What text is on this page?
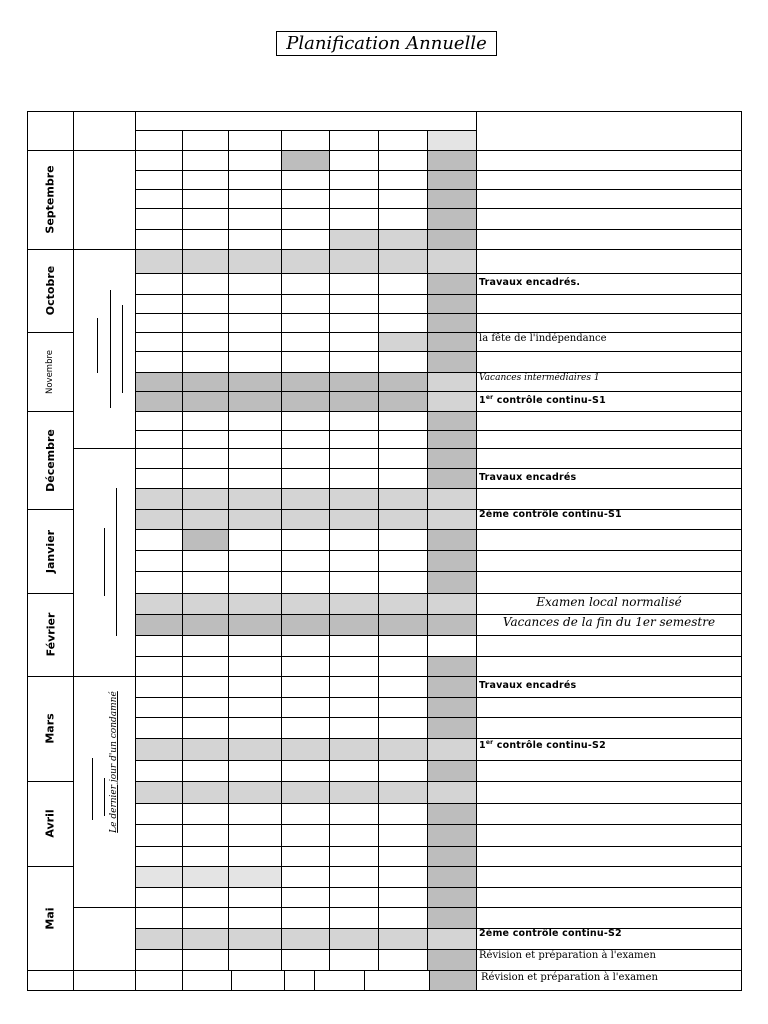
Planification Annuelle
Septembre
Octobre
Novembre
Décembre
Janvier
Février
Mars
Avril
Mai
Le dernier jour d'un condamné
Travaux encadrés.
la fête de l'indépendance
Vacances intermédiaires 1
1er contrôle continu-S1
Travaux encadrés
2ème contrôle continu-S1
Examen local normalisé
Vacances de la fin du 1er semestre
Travaux encadrés
1er contrôle continu-S2
2ème contrôle continu-S2
Révision et préparation à l'examen
Révision et préparation à l'examen
